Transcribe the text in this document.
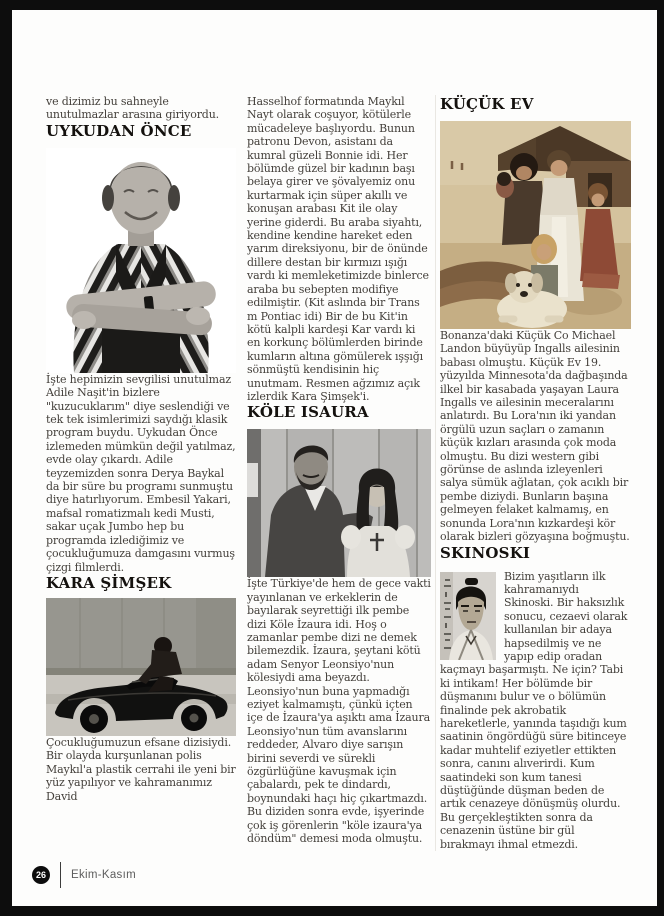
ve dizimiz bu sahneyle unutulmazlar arasına giriyordu.

UYKUDAN ÖNCE

İşte hepimizin sevgilisi unutulmaz Adile Naşit'in bizlere "kuzucuklarım" diye seslendiği ve tek tek isimlerimizi saydığı klasik program buydu. Uykudan Önce izlemeden mümkün değil yatılmaz, evde olay çıkardı. Adile teyzemizden sonra Derya Baykal da bir süre bu programı sunmuştu diye hatırlıyorum. Embesil Yakari, mafsal romatizmalı kedi Musti, sakar uçak Jumbo hep bu programda izlediğimiz ve çocukluğumuza damgasını vurmuş çizgi filmlerdi.

KARA ŞİMŞEK

Çocukluğumuzun efsane dizisiydi. Bir olayda kurşunlanan polis Maykıl'a plastik cerrahi ile yeni bir yüz yapılıyor ve kahramanımız David

Hasselhof formatında Maykıl Nayt olarak coşuyor, kötülerle mücadeleye başlıyordu. Bunun patronu Devon, asistanı da kumral güzeli Bonnie idi. Her bölümde güzel bir kadının başı belaya girer ve şövalyemiz onu kurtarmak için süper akıllı ve konuşan arabası Kit ile olay yerine giderdi. Bu araba siyahtı, kendine kendine hareket eden yarım direksiyonu, bir de önünde dillere destan bir kırmızı ışığı vardı ki memleketimizde binlerce araba bu sebepten modifiye edilmiştir. (Kit aslında bir Trans m Pontiac idi) Bir de bu Kit'in kötü kalpli kardeşi Kar vardı ki en korkunç bölümlerden birinde kumların altına gömülerek ışşığı sönmüştü kendisinin hiç unutmam. Resmen ağzımız açık izlerdik Kara Şimşek'i.

KÖLE ISAURA

İşte Türkiye'de hem de gece vakti yayınlanan ve erkeklerin de bayılarak seyrettiği ilk pembe dizi Köle İzaura idi. Hoş o zamanlar pembe dizi ne demek bilemezdik. İzaura, şeytani kötü adam Senyor Leonsiyo'nun kölesiydi ama beyazdı. Leonsiyo'nun buna yapmadığı eziyet kalmamıştı, çünkü içten içe de İzaura'ya aşıktı ama İzaura Leonsiyo'nun tüm avanslarını reddeder, Alvaro diye sarışın birini severdi ve sürekli özgürlüğüne kavuşmak için çabalardı, pek te dindardı, boynundaki haçı hiç çıkartmazdı. Bu diziden sonra evde, işyerinde çok iş görenlerin "köle izaura'ya döndüm" demesi moda olmuştu.

KÜÇÜK EV

Bonanza'daki Küçük Co Michael Landon büyüyüp Ingalls ailesinin babası olmuştu. Küçük Ev 19. yüzyılda Minnesota'da dağbaşında ilkel bir kasabada yaşayan Laura Ingalls ve ailesinin meceralarını anlatırdı. Bu Lora'nın iki yandan örgülü uzun saçları o zamanın küçük kızları arasında çok moda olmuştu. Bu dizi western gibi görünse de aslında izleyenleri salya sümük ağlatan, çok acıklı bir pembe diziydi. Bunların başına gelmeyen felaket kalmamış, en sonunda Lora'nın kızkardeşi kör olarak bizleri gözyaşına boğmuştu.

SKINOSKI
Bizim yaşıtların ilk kahramanıydı Skinoski. Bir haksızlık sonucu, cezaevi olarak kullanılan bir adaya hapsedilmiş ve ne yapıp edip oradan kaçmayı başarmıştı. Ne için? Tabi ki intikam! Her bölümde bir düşmanını bulur ve o bölümün finalinde pek akrobatik hareketlerle, yanında taşıdığı kum saatinin öngördüğü süre bitinceye kadar muhtelif eziyetler ettikten sonra, canını alıverirdi. Kum saatindeki son kum tanesi düştüğünde düşman beden de artık cenazeye dönüşmüş olurdu. Bu gerçekleştikten sonra da cenazenin üstüne bir gül bırakmayı ihmal etmezdi.
26	Ekim-Kasım
